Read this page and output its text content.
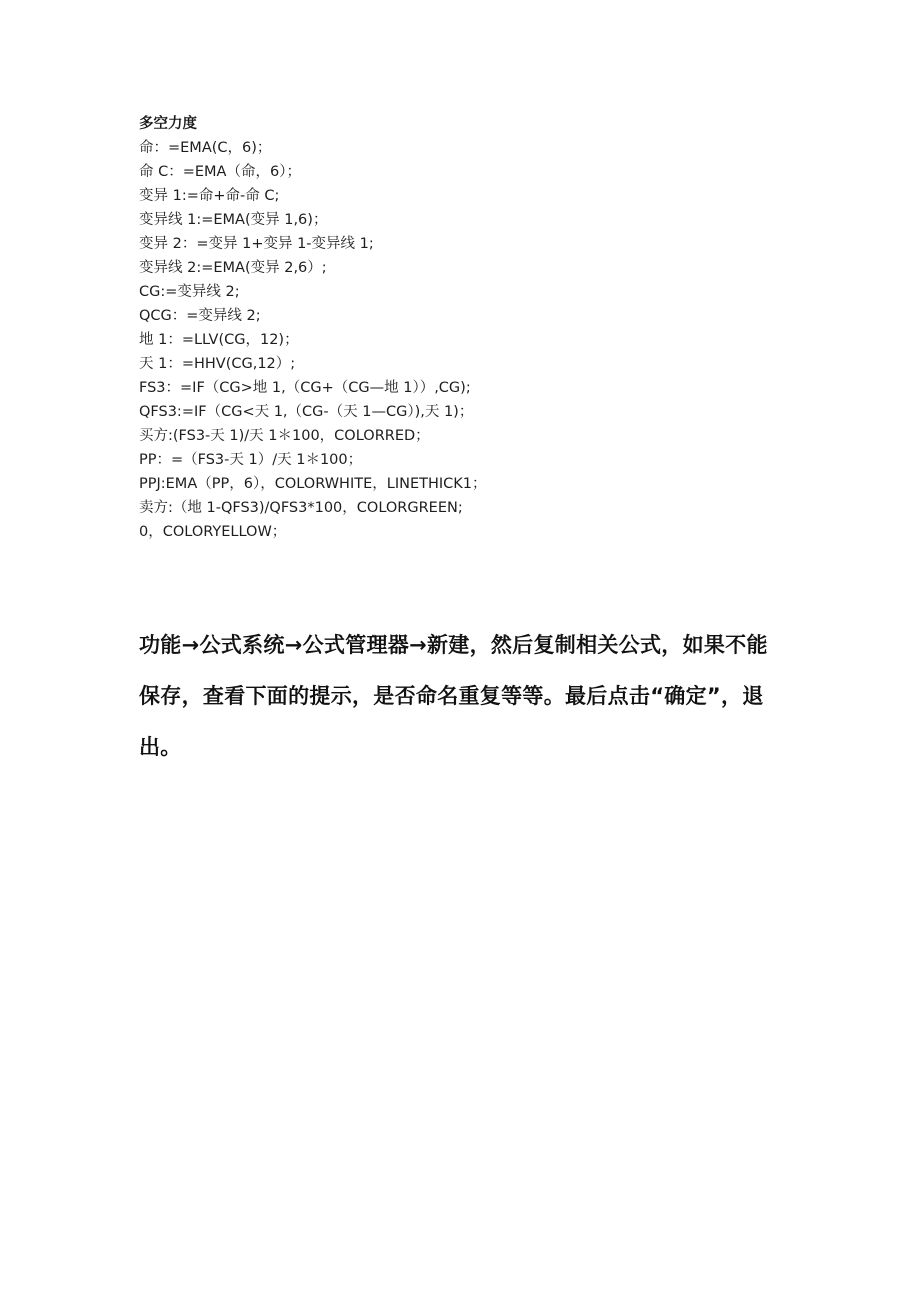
多空力度
命：=EMA(C，6)；
命 C：=EMA（命，6）；
变异 1:=命+命-命 C;
变异线 1:=EMA(变异 1,6)；
变异 2：=变异 1+变异 1-变异线 1;
变异线 2:=EMA(变异 2,6）;
CG:=变异线 2;
QCG：=变异线 2;
地 1：=LLV(CG，12)；
天 1：=HHV(CG,12）;
FS3：=IF（CG>地 1,（CG+（CG—地 1））,CG);
QFS3:=IF（CG<天 1,（CG-（天 1—CG）),天 1)；
买方:(FS3-天 1)/天 1＊100，COLORRED；
PP：=（FS3-天 1）/天 1＊100；
PPJ:EMA（PP，6），COLORWHITE，LINETHICK1；
卖方:（地 1-QFS3)/QFS3*100，COLORGREEN;
0，COLORYELLOW；
功能→公式系统→公式管理器→新建，然后复制相关公式，如果不能保存，查看下面的提示，是否命名重复等等。最后点击“确定”，退出。
